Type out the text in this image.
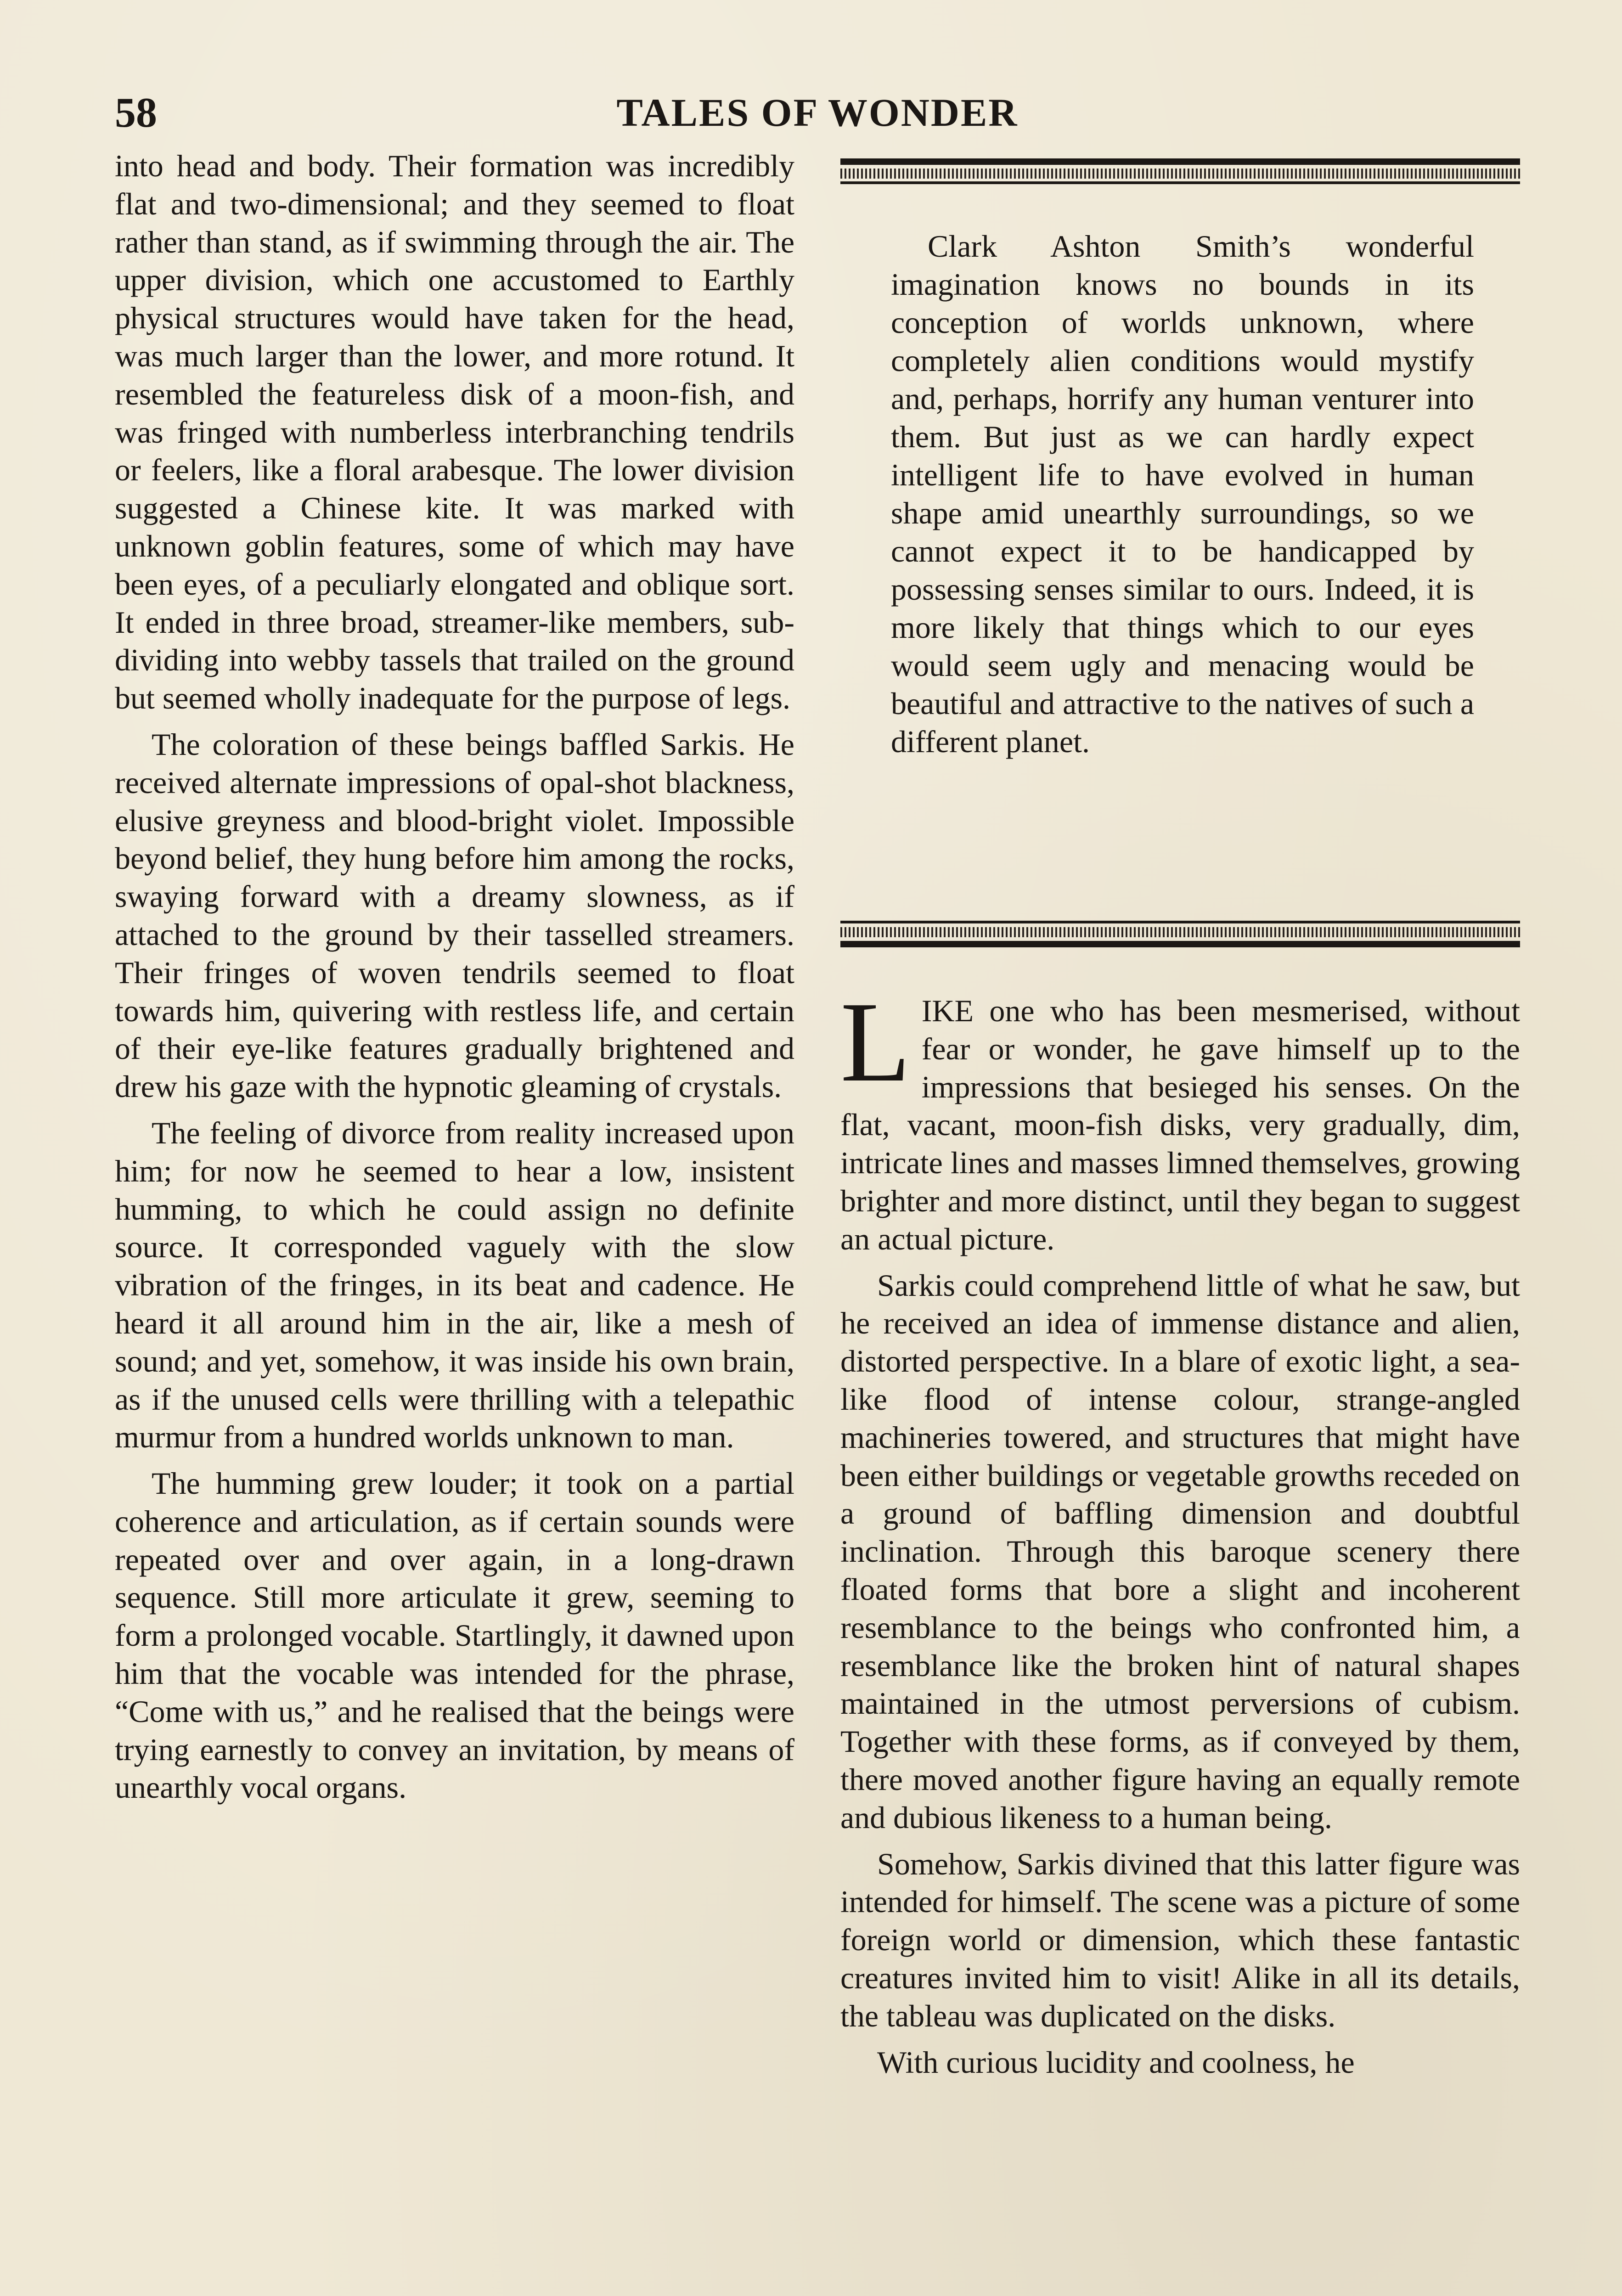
58	TALES OF WONDER

into head and body. Their formation was incredibly flat and two-dimensional; and they seemed to float rather than stand, as if swimming through the air. The upper division, which one accustomed to Earthly physical structures would have taken for the head, was much larger than the lower, and more rotund. It resembled the featureless disk of a moon-fish, and was fringed with numberless interbranching tendrils or feelers, like a floral arabesque. The lower division suggested a Chinese kite. It was marked with unknown goblin features, some of which may have been eyes, of a peculiarly elongated and oblique sort. It ended in three broad, streamer-like members, sub-dividing into webby tassels that trailed on the ground but seemed wholly inadequate for the purpose of legs.

The coloration of these beings baffled Sarkis. He received alternate impressions of opal-shot blackness, elusive greyness and blood-bright violet. Impossible beyond belief, they hung before him among the rocks, swaying forward with a dreamy slowness, as if attached to the ground by their tasselled streamers. Their fringes of woven tendrils seemed to float towards him, quivering with restless life, and certain of their eye-like features gradually brightened and drew his gaze with the hypnotic gleaming of crystals.

The feeling of divorce from reality increased upon him; for now he seemed to hear a low, insistent humming, to which he could assign no definite source. It corresponded vaguely with the slow vibration of the fringes, in its beat and cadence. He heard it all around him in the air, like a mesh of sound; and yet, somehow, it was inside his own brain, as if the unused cells were thrilling with a telepathic murmur from a hundred worlds unknown to man.

The humming grew louder; it took on a partial coherence and articulation, as if certain sounds were repeated over and over again, in a long-drawn sequence. Still more articulate it grew, seeming to form a prolonged vocable. Startlingly, it dawned upon him that the vocable was intended for the phrase, “Come with us,” and he realised that the beings were trying earnestly to convey an invitation, by means of unearthly vocal organs.

Clark Ashton Smith’s wonderful imagination knows no bounds in its conception of worlds unknown, where completely alien conditions would mystify and, perhaps, horrify any human venturer into them. But just as we can hardly expect intelligent life to have evolved in human shape amid unearthly surroundings, so we cannot expect it to be handicapped by possessing senses similar to ours. Indeed, it is more likely that things which to our eyes would seem ugly and menacing would be beautiful and attractive to the natives of such a different planet.

LIKE one who has been mesmerised, without fear or wonder, he gave himself up to the impressions that besieged his senses. On the flat, vacant, moon-fish disks, very gradually, dim, intricate lines and masses limned themselves, growing brighter and more distinct, until they began to suggest an actual picture.

Sarkis could comprehend little of what he saw, but he received an idea of immense distance and alien, distorted perspective. In a blare of exotic light, a sea-like flood of intense colour, strange-angled machineries towered, and structures that might have been either buildings or vegetable growths receded on a ground of baffling dimension and doubtful inclination. Through this baroque scenery there floated forms that bore a slight and incoherent resemblance to the beings who confronted him, a resemblance like the broken hint of natural shapes maintained in the utmost perversions of cubism. Together with these forms, as if conveyed by them, there moved another figure having an equally remote and dubious likeness to a human being.

Somehow, Sarkis divined that this latter figure was intended for himself. The scene was a picture of some foreign world or dimension, which these fantastic creatures invited him to visit! Alike in all its details, the tableau was duplicated on the disks.

With curious lucidity and coolness, he
